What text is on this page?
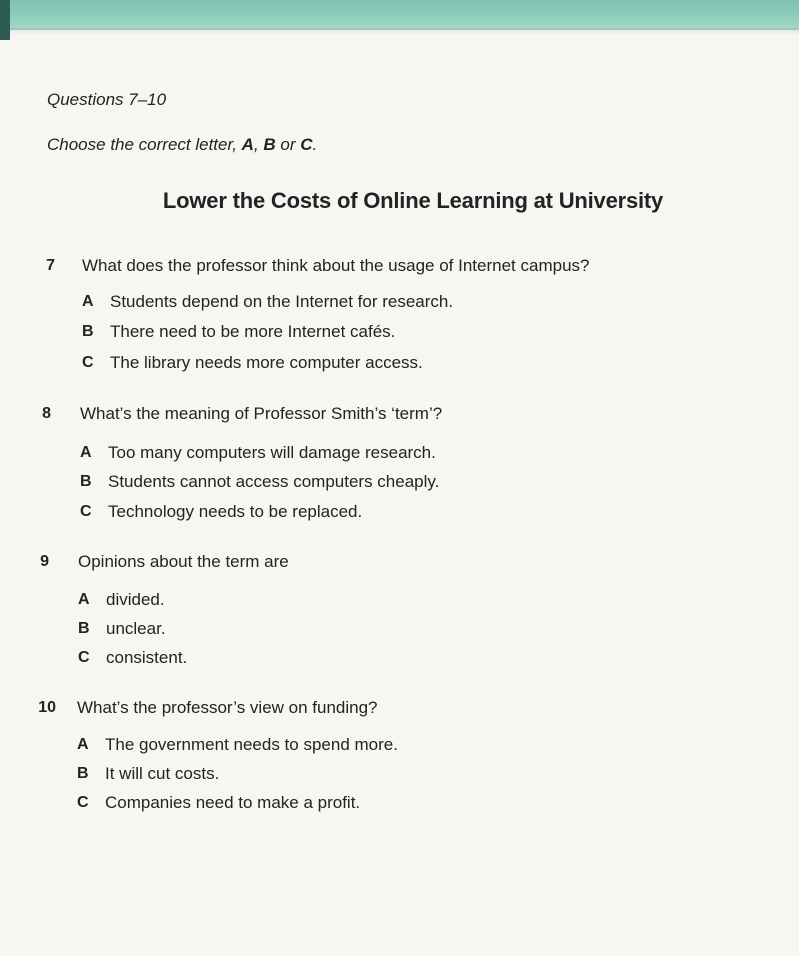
Questions 7–10

Choose the correct letter, A, B or C.

Lower the Costs of Online Learning at University
7 What does the professor think about the usage of Internet campus?
A Students depend on the Internet for research.
B There need to be more Internet cafés.
C The library needs more computer access.
8 What’s the meaning of Professor Smith’s ‘term’?
A Too many computers will damage research.
B Students cannot access computers cheaply.
C Technology needs to be replaced.
9 Opinions about the term are
A divided.
B unclear.
C consistent.
10 What’s the professor’s view on funding?
A The government needs to spend more.
B It will cut costs.
C Companies need to make a profit.
